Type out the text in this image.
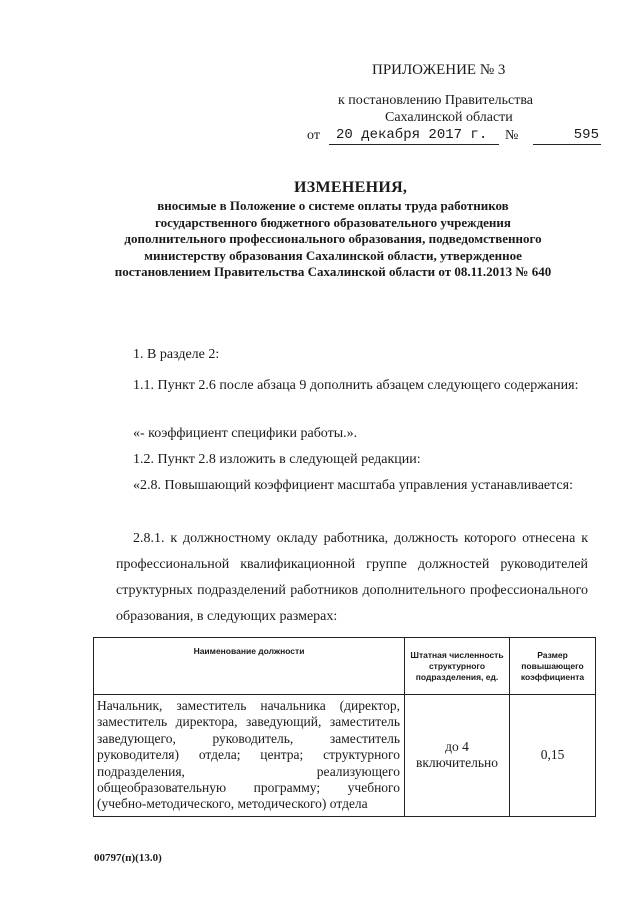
ПРИЛОЖЕНИЕ № 3
к постановлению Правительства
Сахалинской области
от	20 декабря 2017 г.	№	595
ИЗМЕНЕНИЯ,
вносимые в Положение о системе оплаты труда работников государственного бюджетного образовательного учреждения дополнительного профессионального образования, подведомственного министерству образования Сахалинской области, утвержденное постановлением Правительства Сахалинской области от 08.11.2013 № 640
1. В разделе 2:
1.1. Пункт 2.6 после абзаца 9 дополнить абзацем следующего содержания:
«- коэффициент специфики работы.».
1.2. Пункт 2.8 изложить в следующей редакции:
«2.8. Повышающий коэффициент масштаба управления устанавливается:
2.8.1. к должностному окладу работника, должность которого отнесена к профессиональной квалификационной группе должностей руководителей структурных подразделений работников дополнительного профессионального образования, в следующих размерах:
Наименование должности	Штатная численность структурного подразделения, ед.	Размер повышающего коэффициента
Начальник, заместитель начальника (директор, заместитель директора, заведующий, заместитель заведующего, руководитель, заместитель руководителя) отдела; центра; структурного подразделения, реализующего общеобразовательную программу; учебного (учебно-методического, методического) отдела	до 4 включительно	0,15
00797(п)(13.0)
